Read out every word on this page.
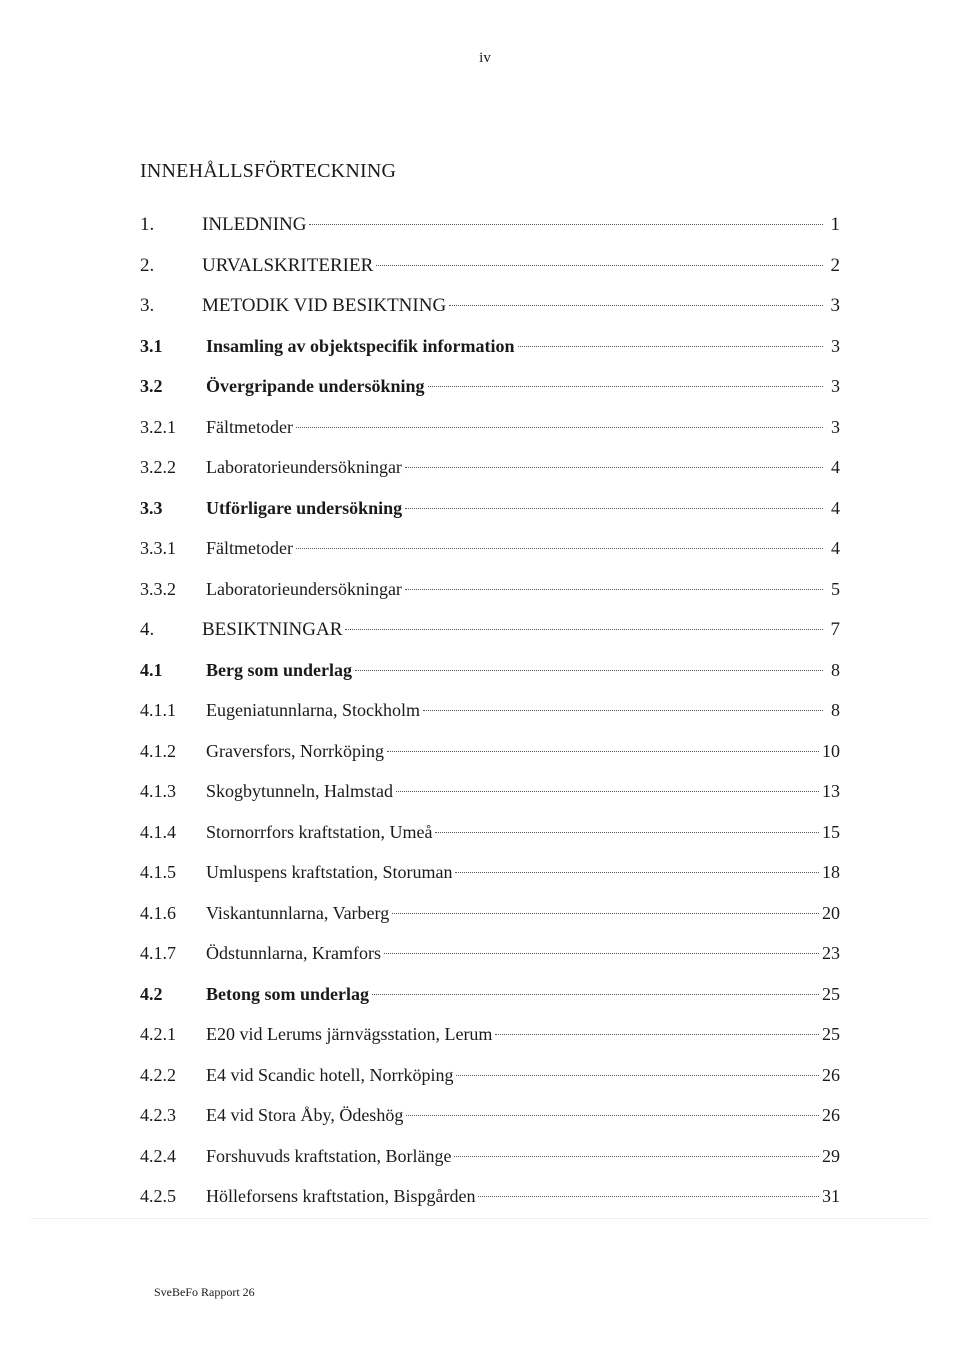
iv
INNEHÅLLSFÖRTECKNING
1.	INLEDNING	1
2.	URVALSKRITERIER	2
3.	METODIK VID BESIKTNING	3
3.1	Insamling av objektspecifik information	3
3.2	Övergripande undersökning	3
3.2.1	Fältmetoder	3
3.2.2	Laboratorieundersökningar	4
3.3	Utförligare undersökning	4
3.3.1	Fältmetoder	4
3.3.2	Laboratorieundersökningar	5
4.	BESIKTNINGAR	7
4.1	Berg som underlag	8
4.1.1	Eugeniatunnlarna, Stockholm	8
4.1.2	Graversfors, Norrköping	10
4.1.3	Skogbytunneln, Halmstad	13
4.1.4	Stornorrfors kraftstation, Umeå	15
4.1.5	Umluspens kraftstation, Storuman	18
4.1.6	Viskantunnlarna, Varberg	20
4.1.7	Ödstunnlarna, Kramfors	23
4.2	Betong som underlag	25
4.2.1	E20 vid Lerums järnvägsstation, Lerum	25
4.2.2	E4 vid Scandic hotell, Norrköping	26
4.2.3	E4 vid Stora Åby, Ödeshög	26
4.2.4	Forshuvuds kraftstation, Borlänge	29
4.2.5	Hölleforsens kraftstation, Bispgården	31
SveBeFo Rapport 26
